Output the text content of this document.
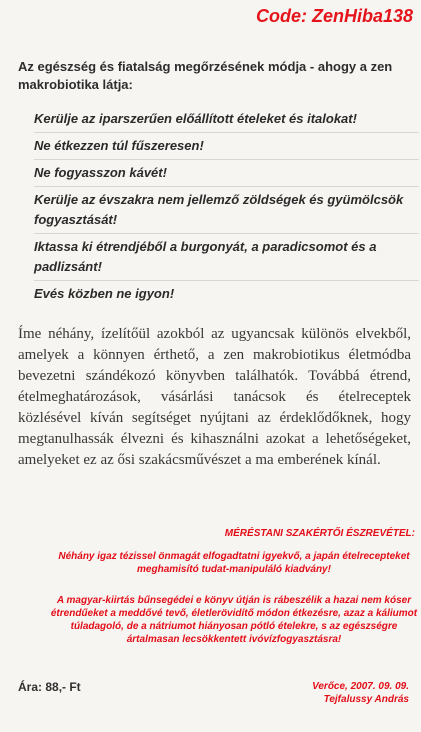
Code: ZenHiba138
Az egészség és fiatalság megőrzésének módja - ahogy a zen makrobiotika látja:
Kerülje az iparszerűen előállított ételeket és italokat!
Ne étkezzen túl fűszeresen!
Ne fogyasszon kávét!
Kerülje az évszakra nem jellemző zöldségek és gyümölcsök fogyasztását!
Iktassa ki étrendjéből a burgonyát, a paradicsomot és a padlizsánt!
Evés közben ne igyon!
Íme néhány, ízelítőül azokból az ugyancsak különös elvekből, amelyek a könnyen érthető, a zen makrobiotikus életmódba bevezetni szándékozó könyvben találhatók. Továbbá étrend, ételmeghatározások, vásárlási tanácsok és ételreceptek közlésével kíván segítséget nyújtani az érdeklődőknek, hogy megtanulhassák élvezni és kihasználni azokat a lehetőségeket, amelyeket ez az ősi szakácsművészet a ma emberének kínál.
MÉRÉSTANI SZAKÉRTŐI ÉSZREVÉTEL:
Néhány igaz tézissel önmagát elfogadtatni igyekvő, a japán ételrecepteket meghamisító tudat-manipuláló kiadvány!
A magyar-kiirtás bűnsegédei e könyv útján is rábeszélik a hazai nem kóser étrendűeket a meddővé tevő, életlerövidítő módon étkezésre, azaz a káliumot túladagoló, de a nátriumot hiányosan pótló ételekre, s az egészségre ártalmasan lecsökkentett ivóvízfogyasztásra!
Ára: 88,- Ft	Verőce, 2007. 09. 09.
Tejfalussy András
